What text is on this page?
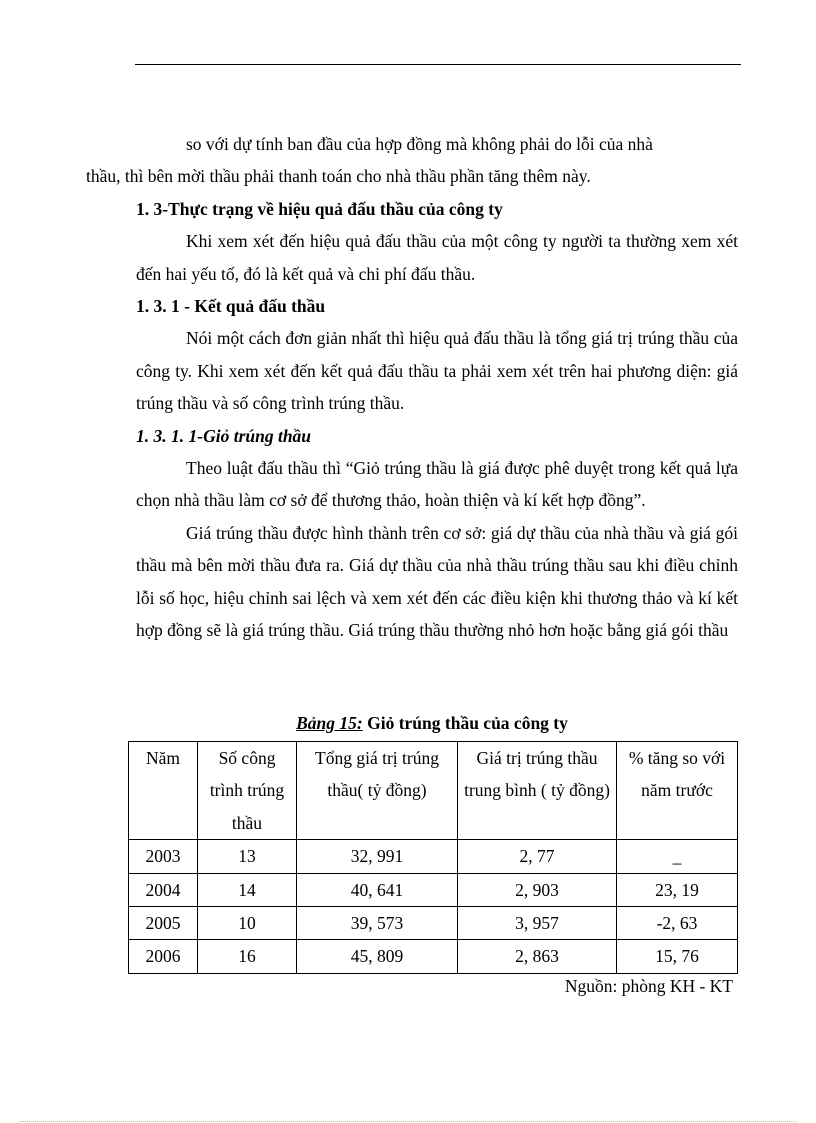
so với dự tính ban đầu của hợp đồng mà không phải do lỗi của nhà
thầu, thì bên mời thầu phải thanh toán cho nhà thầu phần tăng thêm này.

1. 3-Thực trạng về hiệu quả đấu thầu của công ty

Khi xem xét đến hiệu quả đấu thầu của một công ty người ta thường xem xét đến hai yếu tố, đó là kết quả và chi phí đấu thầu.

1. 3. 1 - Kết quả đấu thầu

Nói một cách đơn giản nhất thì hiệu quả đấu thầu là tổng giá trị trúng thầu của công ty. Khi xem xét đến kết quả đấu thầu ta phải xem xét trên hai phương diện: giá trúng thầu và số công trình trúng thầu.

1. 3. 1. 1-Giỏ trúng thầu

Theo luật đấu thầu thì “Giỏ trúng thầu là giá được phê duyệt trong kết quả lựa chọn nhà thầu làm cơ sở để thương thảo, hoàn thiện và kí kết hợp đồng”.

Giá trúng thầu được hình thành trên cơ sở: giá dự thầu của nhà thầu và giá gói thầu mà bên mời thầu đưa ra. Giá dự thầu của nhà thầu trúng thầu sau khi điều chỉnh lỗi số học, hiệu chỉnh sai lệch và xem xét đến các điều kiện khi thương thảo và kí kết hợp đồng sẽ là giá trúng thầu. Giá trúng thầu thường nhỏ hơn hoặc bằng giá gói thầu

Bảng 15: Giỏ trúng thầu của công ty
Năm	Số công trình trúng thầu	Tổng giá trị trúng thầu( tỷ đồng)	Giá trị trúng thầu trung bình ( tỷ đồng)	% tăng so với năm trước
2003	13	32, 991	2, 77	_
2004	14	40, 641	2, 903	23, 19
2005	10	39, 573	3, 957	-2, 63
2006	16	45, 809	2, 863	15, 76
Nguồn: phòng KH - KT
